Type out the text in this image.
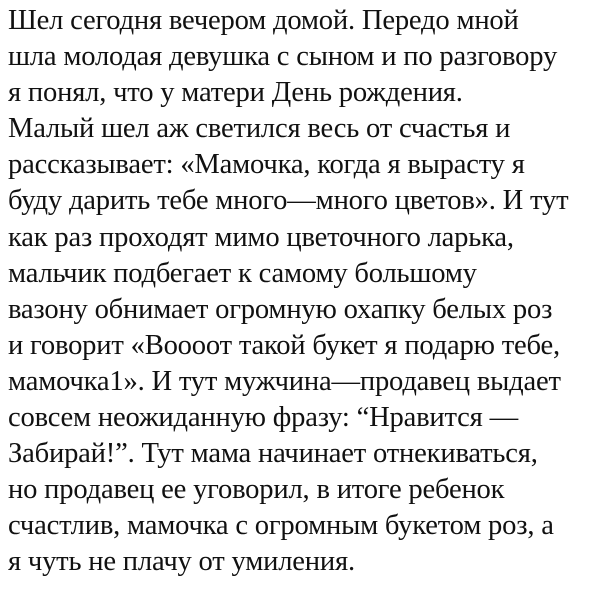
Шел сегодня вечером домой. Передо мной
шла молодая девушка с сыном и по разговору
я понял, что у матери День рождения.
Малый шел аж светился весь от счастья и
рассказывает: «Мамочка, когда я вырасту я
буду дарить тебе много—много цветов». И тут
как раз проходят мимо цветочного ларька,
мальчик подбегает к самому большому
вазону обнимает огромную охапку белых роз
и говорит «Вооoот такой букет я подарю тебе,
мамочка1». И тут мужчина—продавец выдает
совсем неожиданную фразу: “Нравится —
Забирай!”. Тут мама начинает отнекиваться,
но продавец ее уговорил, в итоге ребенок
счастлив, мамочка с огромным букетом роз, а
я чуть не плачу от умиления.
